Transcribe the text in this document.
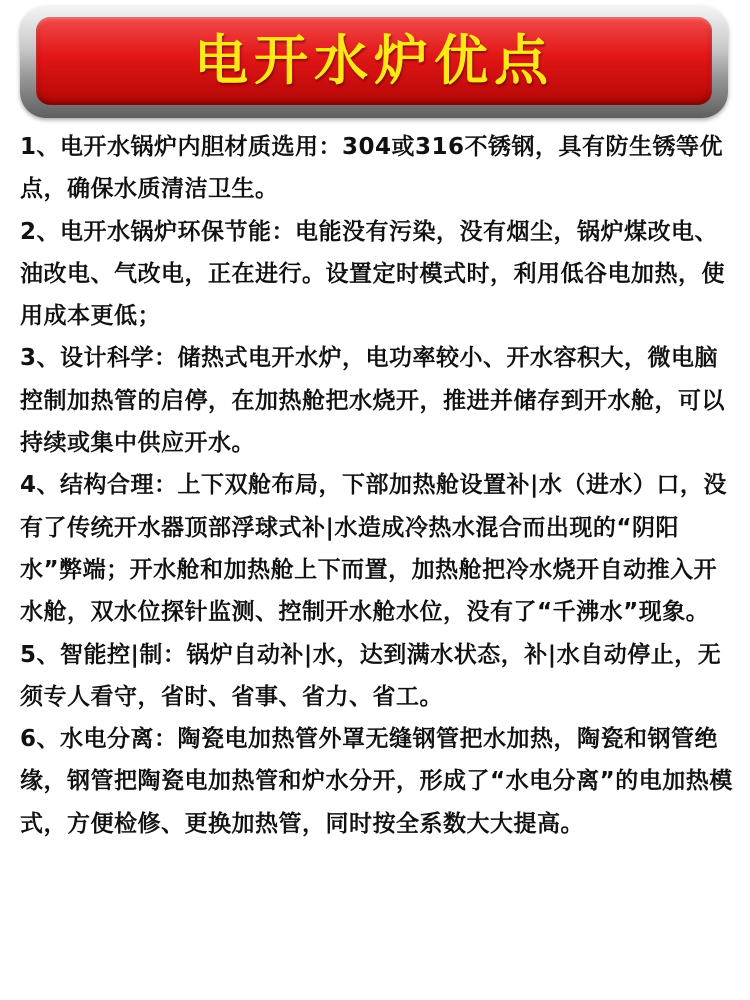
电开水炉优点

1、电开水锅炉内胆材质选用：304或316不锈钢，具有防生锈等优点，确保水质清洁卫生。

2、电开水锅炉环保节能：电能没有污染，没有烟尘，锅炉煤改电、油改电、气改电，正在进行。设置定时模式时，利用低谷电加热，使用成本更低；

3、设计科学：储热式电开水炉，电功率较小、开水容积大，微电脑控制加热管的启停，在加热舱把水烧开，推进并储存到开水舱，可以持续或集中供应开水。

4、结构合理：上下双舱布局，下部加热舱设置补|水（进水）口，没有了传统开水器顶部浮球式补|水造成冷热水混合而出现的“阴阳水”弊端；开水舱和加热舱上下而置，加热舱把冷水烧开自动推入开水舱，双水位探针监测、控制开水舱水位，没有了“千沸水”现象。

5、智能控|制：锅炉自动补|水，达到满水状态，补|水自动停止，无须专人看守，省时、省事、省力、省工。

6、水电分离：陶瓷电加热管外罩无缝钢管把水加热，陶瓷和钢管绝缘，钢管把陶瓷电加热管和炉水分开，形成了“水电分离”的电加热模式，方便检修、更换加热管，同时按全系数大大提高。
